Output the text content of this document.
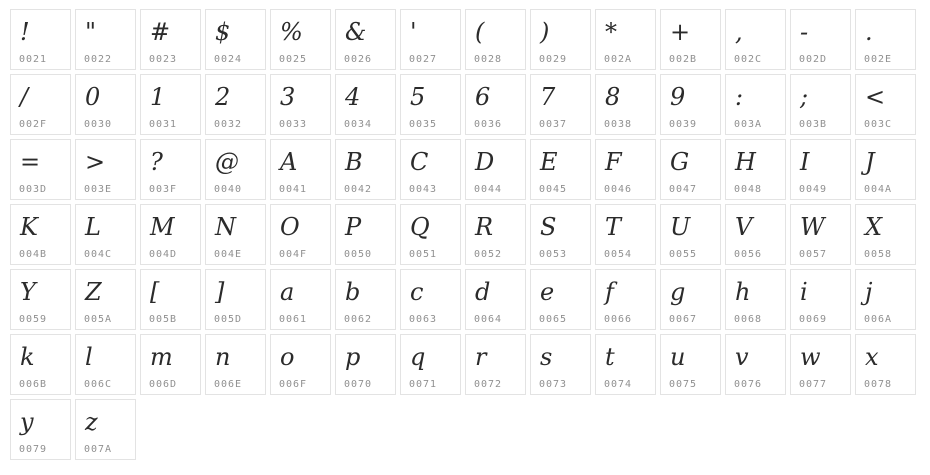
!
0021
"
0022
#
0023
$
0024
%
0025
&
0026
'
0027
(
0028
)
0029
*
002A
+
002B
,
002C
-
002D
.
002E
/
002F
0
0030
1
0031
2
0032
3
0033
4
0034
5
0035
6
0036
7
0037
8
0038
9
0039
:
003A
;
003B
<
003C
=
003D
>
003E
?
003F
@
0040
A
0041
B
0042
C
0043
D
0044
E
0045
F
0046
G
0047
H
0048
I
0049
J
004A
K
004B
L
004C
M
004D
N
004E
O
004F
P
0050
Q
0051
R
0052
S
0053
T
0054
U
0055
V
0056
W
0057
X
0058
Y
0059
Z
005A
[
005B
]
005D
a
0061
b
0062
c
0063
d
0064
e
0065
f
0066
g
0067
h
0068
i
0069
j
006A
k
006B
l
006C
m
006D
n
006E
o
006F
p
0070
q
0071
r
0072
s
0073
t
0074
u
0075
v
0076
w
0077
x
0078
y
0079
z
007A
